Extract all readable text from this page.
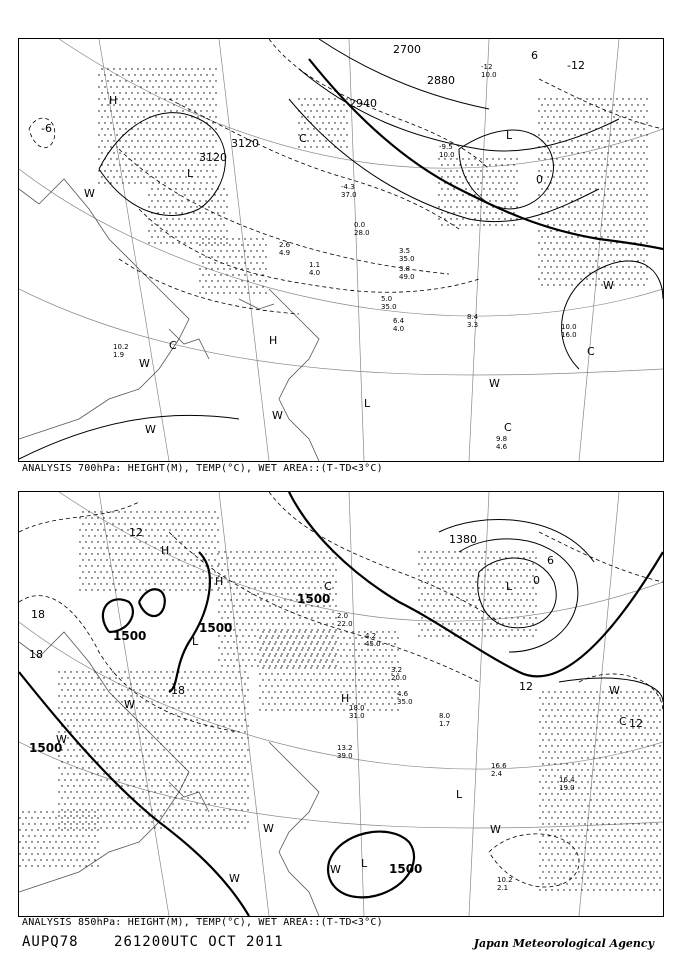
H
L
L
C
H
C
L
C
W
W
W
W
W
W
C
3120
3120
2940
2880
2700
-12
-6
0
6
-4.3
37.0
0.0
28.0
5.0
35.0
6.4
4.0
8.4
3.3	10.0
16.0
9.8
4.6
10.2
1.9
3.5
35.0
3.8
49.0
-9.5
10.0
-12
10.0
2.6
4.9
1.1
4.0
ANALYSIS 700hPa: HEIGHT(M), TEMP(°C), WET AREA::(T-TD<3°C)
H
H
L
C	L
H
W
W
L
W
W
W
W
L
W
C
1500
1500
1500
1500
1500
1380
12
18
18
18	12
12
6
0
2.0
22.0
4.2
45.0
4.6
35.0
16.4
19.0
16.6
2.4
13.2
39.0
8.0
1.7
18.0
31.0
10.2
2.1
3.2
20.0
ANALYSIS 850hPa: HEIGHT(M), TEMP(°C), WET AREA::(T-TD<3°C)
AUPQ78	261200UTC OCT 2011	Japan Meteorological Agency
